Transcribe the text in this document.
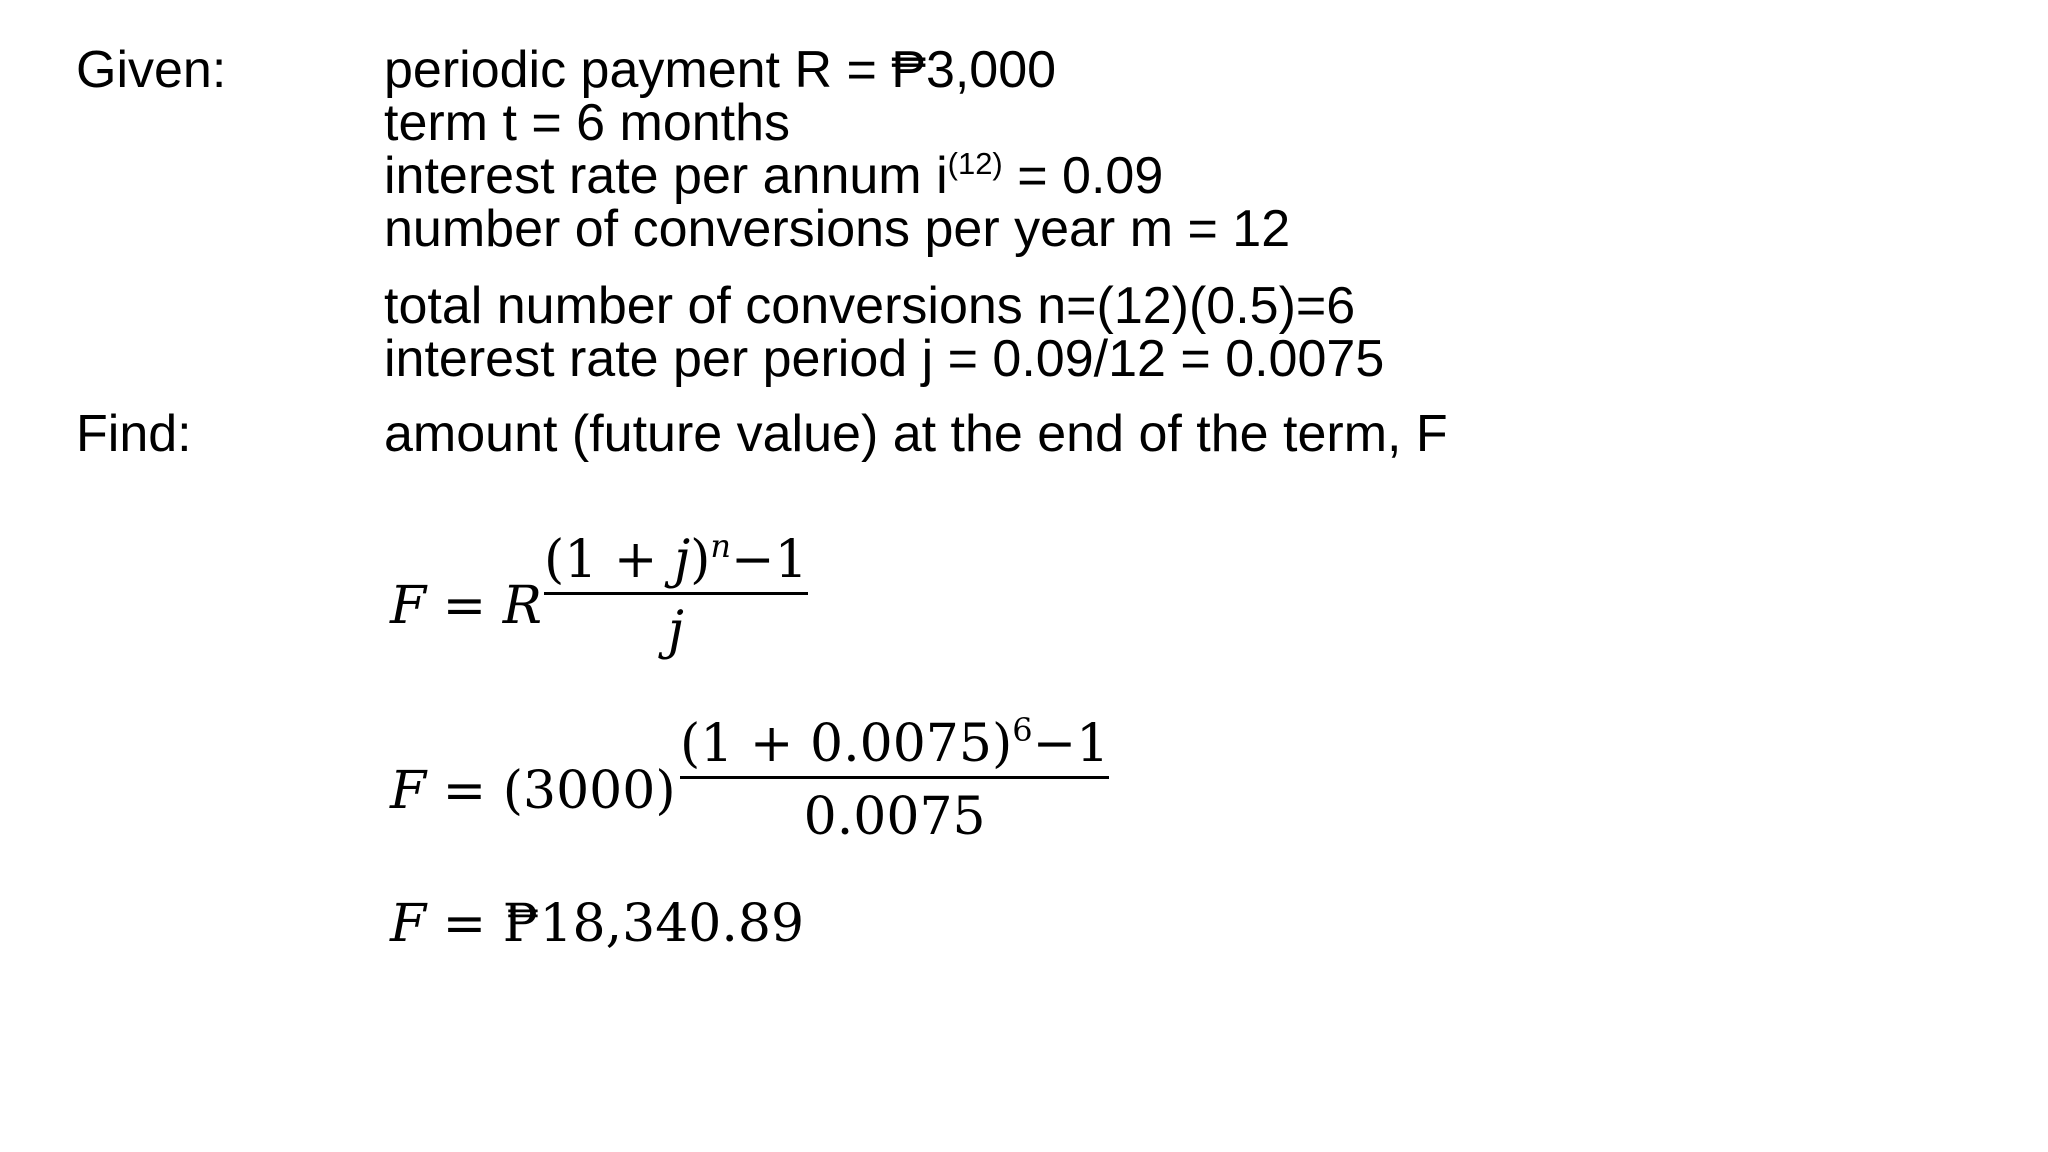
Given:	periodic payment R = ₱3,000
term t = 6 months
interest rate per annum $i^{(12)} = 0.09$
number of conversions per year m = 12
total number of conversions n=(12)(0.5)=6
interest rate per period j = 0.09/12 = 0.0075
Find:	amount (future value) at the end of the term, F
F = R
$(1 + j)^n-1$
j
F = (3000)
$(1 + 0.0075)^6-1$
0.0075
F = ₱18,340.89
